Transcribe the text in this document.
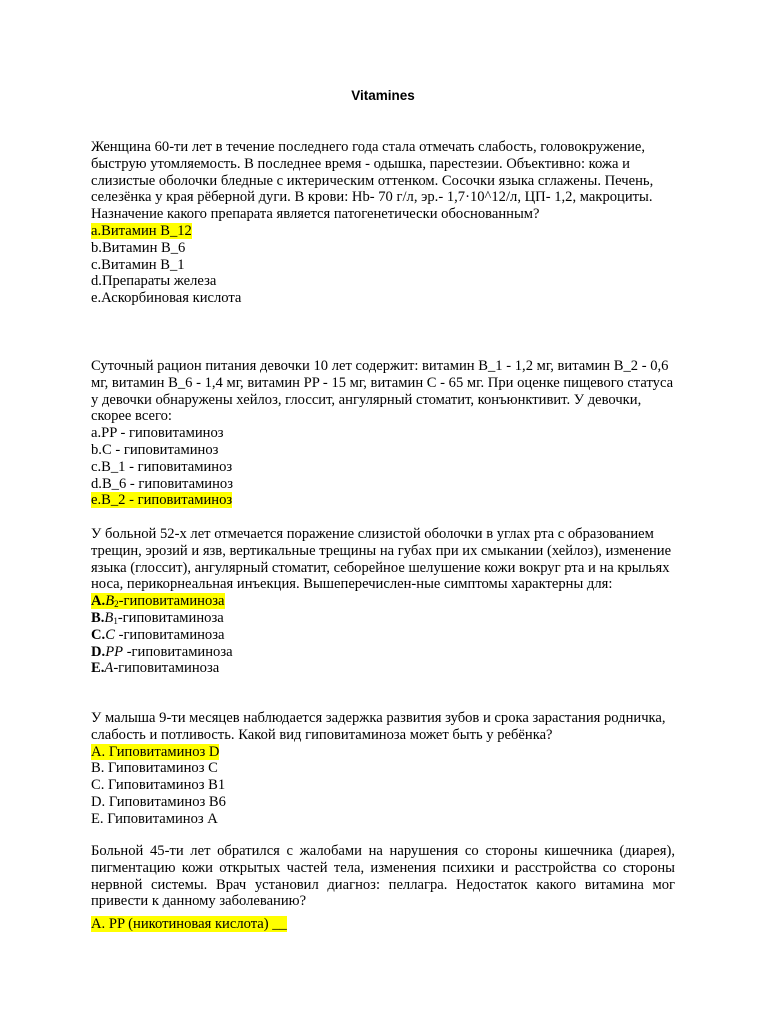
Vitamines

Женщина 60-ти лет в течение последнего года стала отмечать слабость, головокружение, быструю утомляемость. В последнее время - одышка, парестезии. Объективно: кожа и слизистые оболочки бледные с иктерическим оттенком. Сосочки языка сглажены. Печень, селезёнка у края рёберной дуги. В крови: Hb- 70 г/л, эр.- 1,7·10^12/л, ЦП- 1,2, макроциты. Назначение какого препарата является патогенетически обоснованным?

a.Витамин B_12
b.Витамин B_6
c.Витамин B_1
d.Препараты железа
e.Аскорбиновая кислота

Суточный рацион питания девочки 10 лет содержит: витамин B_1 - 1,2 мг, витамин B_2 - 0,6 мг, витамин B_6 - 1,4 мг, витамин PP - 15 мг, витамин C - 65 мг. При оценке пищевого статуса у девочки обнаружены хейлоз, глоссит, ангулярный стоматит, конъюнктивит. У девочки, скорее всего:

a.PP - гиповитаминоз
b.C - гиповитаминоз
c.B_1 - гиповитаминоз
d.B_6 - гиповитаминоз
e.B_2 - гиповитаминоз

У больной 52-х лет отмечается поражение слизистой оболочки в углах рта с образованием трещин, эрозий и язв, вертикальные трещины на губах при их смыкании (хейлоз), изменение языка (глоссит), ангулярный стоматит, себорейное шелушение кожи вокруг рта и на крыльях носа, перикорнеальная инъекция. Вышеперечислен-ные симптомы характерны для:

$A.B_2$-гиповитаминоза
$B.B_1$-гиповитаминоза
C.C -гиповитаминоза
D.PP -гиповитаминоза
E.A-гиповитаминоза

У малыша 9-ти месяцев наблюдается задержка развития зубов и срока зарастания родничка, слабость и потливость. Какой вид гиповитаминоза может быть у ребёнка?

A. Гиповитаминоз D
B. Гиповитаминоз C
C. Гиповитаминоз B1
D. Гиповитаминоз B6
E. Гиповитаминоз A

Больной 45-ти лет обратился с жалобами на нарушения со стороны кишечника (диарея), пигментацию кожи открытых частей тела, изменения психики и расстройства со стороны нервной системы. Врач установил диагноз: пеллагра. Недостаток какого витамина мог привести к данному заболеванию?

A. PP (никотиновая кислота) __
